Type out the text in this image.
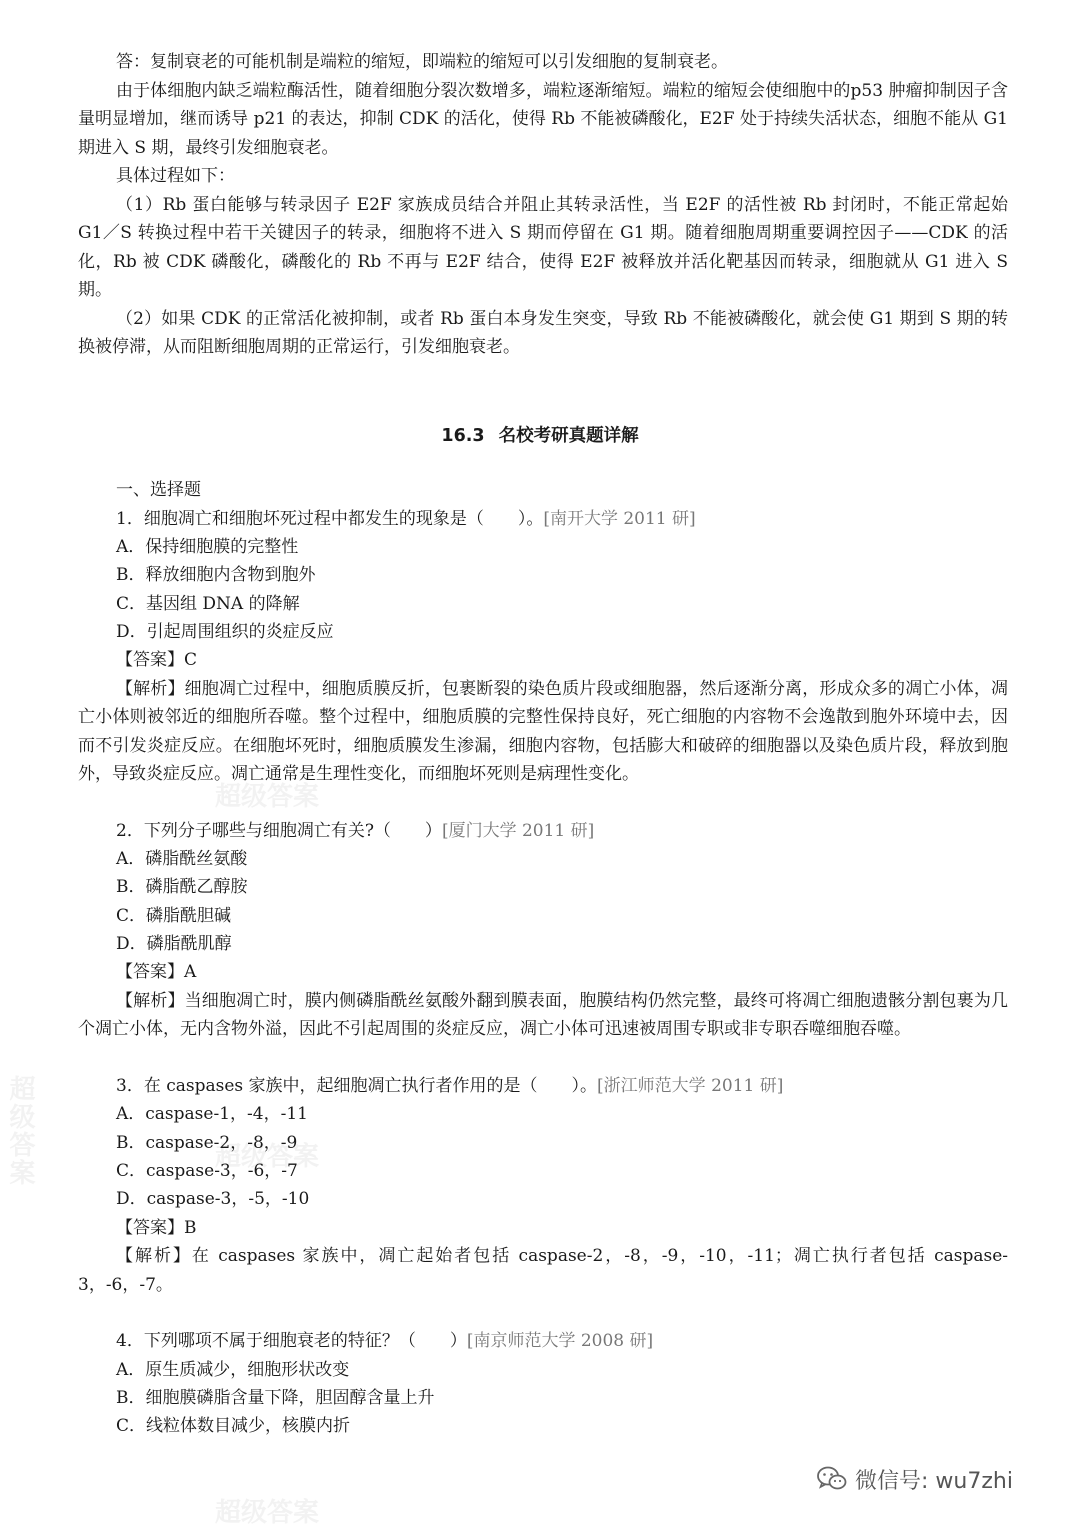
超级答案
超级答案
超级答案
超级答案

答：复制衰老的可能机制是端粒的缩短，即端粒的缩短可以引发细胞的复制衰老。

由于体细胞内缺乏端粒酶活性，随着细胞分裂次数增多，端粒逐渐缩短。端粒的缩短会使细胞中的p53 肿瘤抑制因子含量明显增加，继而诱导 p21 的表达，抑制 CDK 的活化，使得 Rb 不能被磷酸化，E2F 处于持续失活状态，细胞不能从 G1 期进入 S 期，最终引发细胞衰老。

具体过程如下：

（1）Rb 蛋白能够与转录因子 E2F 家族成员结合并阻止其转录活性，当 E2F 的活性被 Rb 封闭时，不能正常起始 G1／S 转换过程中若干关键因子的转录，细胞将不进入 S 期而停留在 G1 期。随着细胞周期重要调控因子——CDK 的活化，Rb 被 CDK 磷酸化，磷酸化的 Rb 不再与 E2F 结合，使得 E2F 被释放并活化靶基因而转录，细胞就从 G1 进入 S 期。

（2）如果 CDK 的正常活化被抑制，或者 Rb 蛋白本身发生突变，导致 Rb 不能被磷酸化，就会使 G1 期到 S 期的转换被停滞，从而阻断细胞周期的正常运行，引发细胞衰老。

16.3 名校考研真题详解

一、选择题

1．细胞凋亡和细胞坏死过程中都发生的现象是（　　）。[南开大学 2011 研]

A．保持细胞膜的完整性

B．释放细胞内含物到胞外

C．基因组 DNA 的降解

D．引起周围组织的炎症反应

【答案】C

【解析】细胞凋亡过程中，细胞质膜反折，包裹断裂的染色质片段或细胞器，然后逐渐分离，形成众多的凋亡小体，凋亡小体则被邻近的细胞所吞噬。整个过程中，细胞质膜的完整性保持良好，死亡细胞的内容物不会逸散到胞外环境中去，因而不引发炎症反应。在细胞坏死时，细胞质膜发生渗漏，细胞内容物，包括膨大和破碎的细胞器以及染色质片段，释放到胞外，导致炎症反应。凋亡通常是生理性变化，而细胞坏死则是病理性变化。

2．下列分子哪些与细胞凋亡有关?（　　）[厦门大学 2011 研]

A．磷脂酰丝氨酸

B．磷脂酰乙醇胺

C．磷脂酰胆碱

D．磷脂酰肌醇

【答案】A

【解析】当细胞凋亡时，膜内侧磷脂酰丝氨酸外翻到膜表面，胞膜结构仍然完整，最终可将凋亡细胞遗骸分割包裹为几个凋亡小体，无内含物外溢，因此不引起周围的炎症反应，凋亡小体可迅速被周围专职或非专职吞噬细胞吞噬。

3．在 caspases 家族中，起细胞凋亡执行者作用的是（　　）。[浙江师范大学 2011 研]

A．caspase-1，-4，-11

B．caspase-2，-8，-9

C．caspase-3，-6，-7

D．caspase-3，-5，-10

【答案】B

【解析】在 caspases 家族中，凋亡起始者包括 caspase-2，-8，-9，-10，-11；凋亡执行者包括 caspase-3，-6，-7。

4．下列哪项不属于细胞衰老的特征？（　　）[南京师范大学 2008 研]

A．原生质减少，细胞形状改变

B．细胞膜磷脂含量下降，胆固醇含量上升

C．线粒体数目减少，核膜内折

微信号: wu7zhi
